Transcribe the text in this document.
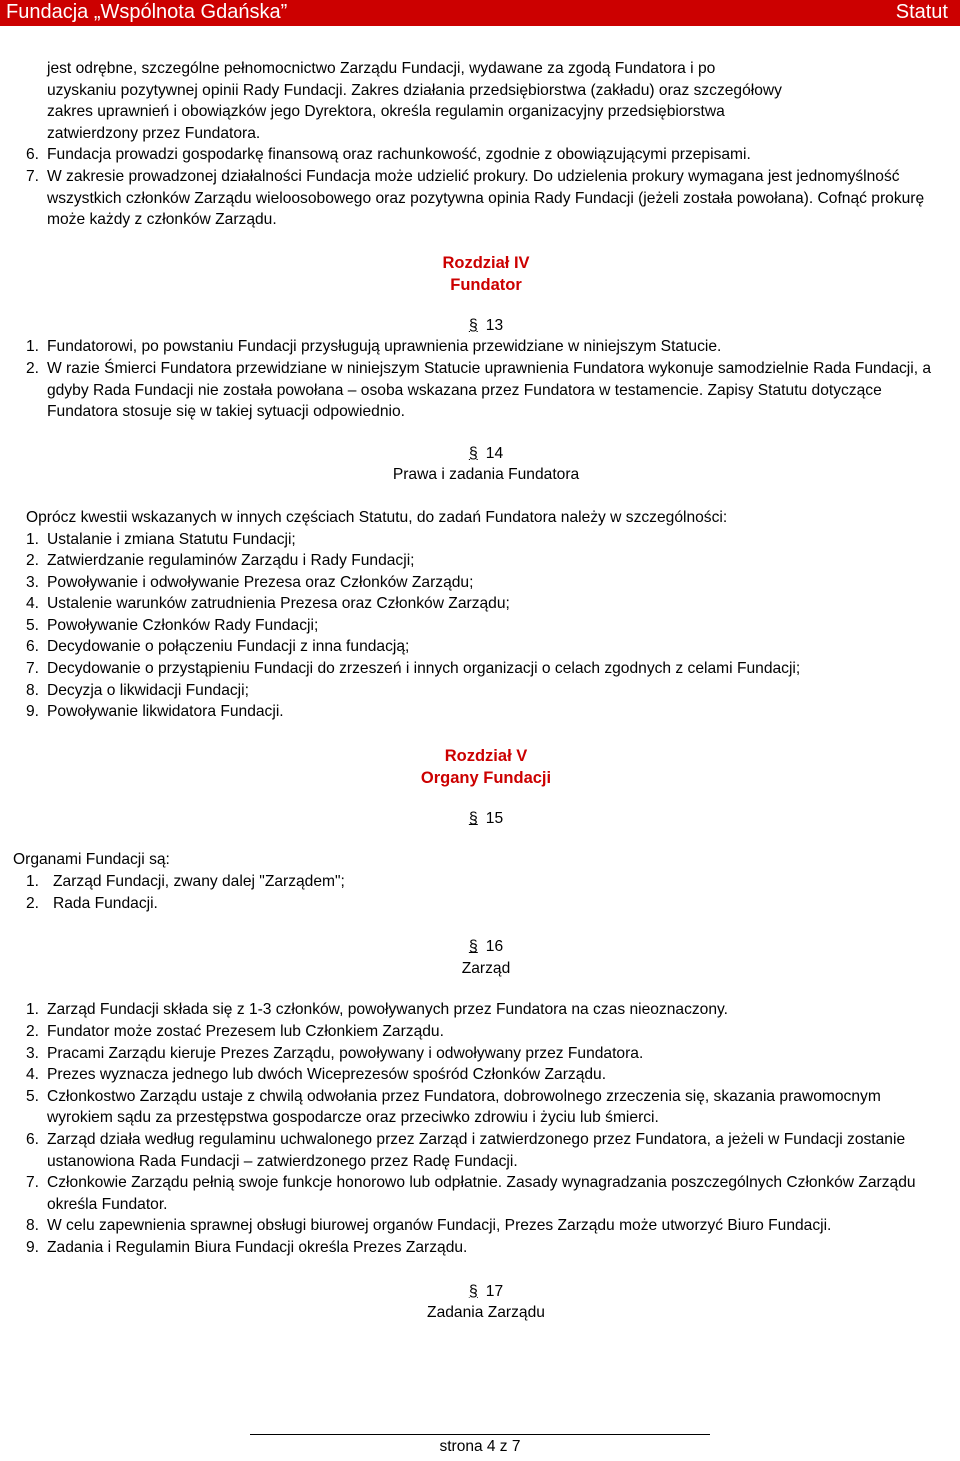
Fundacja „Wspólnota Gdańska”	Statut
jest odrębne, szczególne pełnomocnictwo Zarządu Fundacji, wydawane za zgodą Fundatora i po
uzyskaniu pozytywnej opinii Rady Fundacji. Zakres działania przedsiębiorstwa (zakładu) oraz szczegółowy
zakres uprawnień i obowiązków jego Dyrektora, określa regulamin organizacyjny przedsiębiorstwa
zatwierdzony przez Fundatora.
6. Fundacja prowadzi gospodarkę finansową oraz rachunkowość, zgodnie z obowiązującymi przepisami.
7. W zakresie prowadzonej działalności Fundacja może udzielić prokury. Do udzielenia prokury wymagana jest jednomyślność wszystkich członków Zarządu wieloosobowego oraz pozytywna opinia Rady Fundacji (jeżeli została powołana). Cofnąć prokurę może każdy z członków Zarządu.
Rozdział IV
Fundator
§ 13
1. Fundatorowi, po powstaniu Fundacji przysługują uprawnienia przewidziane w niniejszym Statucie.
2. W razie Śmierci Fundatora przewidziane w niniejszym Statucie uprawnienia Fundatora wykonuje samodzielnie Rada Fundacji, a gdyby Rada Fundacji nie została powołana – osoba wskazana przez Fundatora w testamencie. Zapisy Statutu dotyczące Fundatora stosuje się w takiej sytuacji odpowiednio.
§ 14
Prawa i zadania Fundatora
Oprócz kwestii wskazanych w innych częściach Statutu, do zadań Fundatora należy w szczególności:
1. Ustalanie i zmiana Statutu Fundacji;
2. Zatwierdzanie regulaminów Zarządu i Rady Fundacji;
3. Powoływanie i odwoływanie Prezesa oraz Członków Zarządu;
4. Ustalenie warunków zatrudnienia Prezesa oraz Członków Zarządu;
5. Powoływanie Członków Rady Fundacji;
6. Decydowanie o połączeniu Fundacji z inna fundacją;
7. Decydowanie o przystąpieniu Fundacji do zrzeszeń i innych organizacji o celach zgodnych z celami Fundacji;
8. Decyzja o likwidacji Fundacji;
9. Powoływanie likwidatora Fundacji.
Rozdział V
Organy Fundacji
§ 15
Organami Fundacji są:
1. Zarząd Fundacji, zwany dalej "Zarządem";
2. Rada Fundacji.
§ 16
Zarząd
1. Zarząd Fundacji składa się z 1-3 członków, powoływanych przez Fundatora na czas nieoznaczony.
2. Fundator może zostać Prezesem lub Członkiem Zarządu.
3. Pracami Zarządu kieruje Prezes Zarządu, powoływany i odwoływany przez Fundatora.
4. Prezes wyznacza jednego lub dwóch Wiceprezesów spośród Członków Zarządu.
5. Członkostwo Zarządu ustaje z chwilą odwołania przez Fundatora, dobrowolnego zrzeczenia się, skazania prawomocnym wyrokiem sądu za przestępstwa gospodarcze oraz przeciwko zdrowiu i życiu lub śmierci.
6. Zarząd działa według regulaminu uchwalonego przez Zarząd i zatwierdzonego przez Fundatora, a jeżeli w Fundacji zostanie ustanowiona Rada Fundacji – zatwierdzonego przez Radę Fundacji.
7. Członkowie Zarządu pełnią swoje funkcje honorowo lub odpłatnie. Zasady wynagradzania poszczególnych Członków Zarządu określa Fundator.
8. W celu zapewnienia sprawnej obsługi biurowej organów Fundacji, Prezes Zarządu może utworzyć Biuro Fundacji.
9. Zadania i Regulamin Biura Fundacji określa Prezes Zarządu.
§ 17
Zadania Zarządu
strona 4 z 7
